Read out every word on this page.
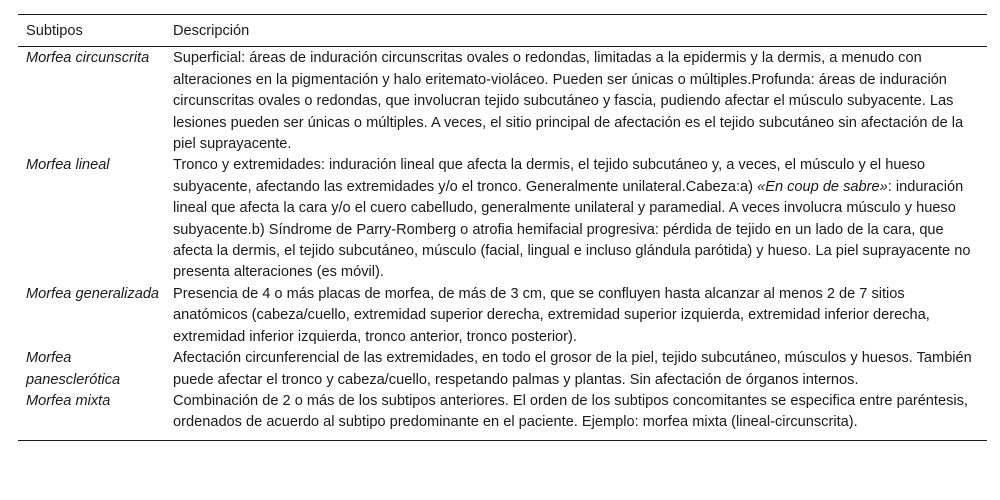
Subtipos	Descripción
Morfea circunscrita	Superficial: áreas de induración circunscritas ovales o redondas, limitadas a la epidermis y la dermis, a menudo con alteraciones en la pigmentación y halo eritemato-violáceo. Pueden ser únicas o múltiples.Profunda: áreas de induración circunscritas ovales o redondas, que involucran tejido subcutáneo y fascia, pudiendo afectar el músculo subyacente. Las lesiones pueden ser únicas o múltiples. A veces, el sitio principal de afectación es el tejido subcutáneo sin afectación de la piel suprayacente.
Morfea lineal	Tronco y extremidades: induración lineal que afecta la dermis, el tejido subcutáneo y, a veces, el músculo y el hueso subyacente, afectando las extremidades y/o el tronco. Generalmente unilateral.Cabeza:a) «En coup de sabre»: induración lineal que afecta la cara y/o el cuero cabelludo, generalmente unilateral y paramedial. A veces involucra músculo y hueso subyacente.b) Síndrome de Parry-Romberg o atrofia hemifacial progresiva: pérdida de tejido en un lado de la cara, que afecta la dermis, el tejido subcutáneo, músculo (facial, lingual e incluso glándula parótida) y hueso. La piel suprayacente no presenta alteraciones (es móvil).
Morfea generalizada	Presencia de 4 o más placas de morfea, de más de 3 cm, que se confluyen hasta alcanzar al menos 2 de 7 sitios anatómicos (cabeza/cuello, extremidad superior derecha, extremidad superior izquierda, extremidad inferior derecha, extremidad inferior izquierda, tronco anterior, tronco posterior).
Morfea panesclerótica	Afectación circunferencial de las extremidades, en todo el grosor de la piel, tejido subcutáneo, músculos y huesos. También puede afectar el tronco y cabeza/cuello, respetando palmas y plantas. Sin afectación de órganos internos.
Morfea mixta	Combinación de 2 o más de los subtipos anteriores. El orden de los subtipos concomitantes se especifica entre paréntesis, ordenados de acuerdo al subtipo predominante en el paciente. Ejemplo: morfea mixta (lineal-circunscrita).
